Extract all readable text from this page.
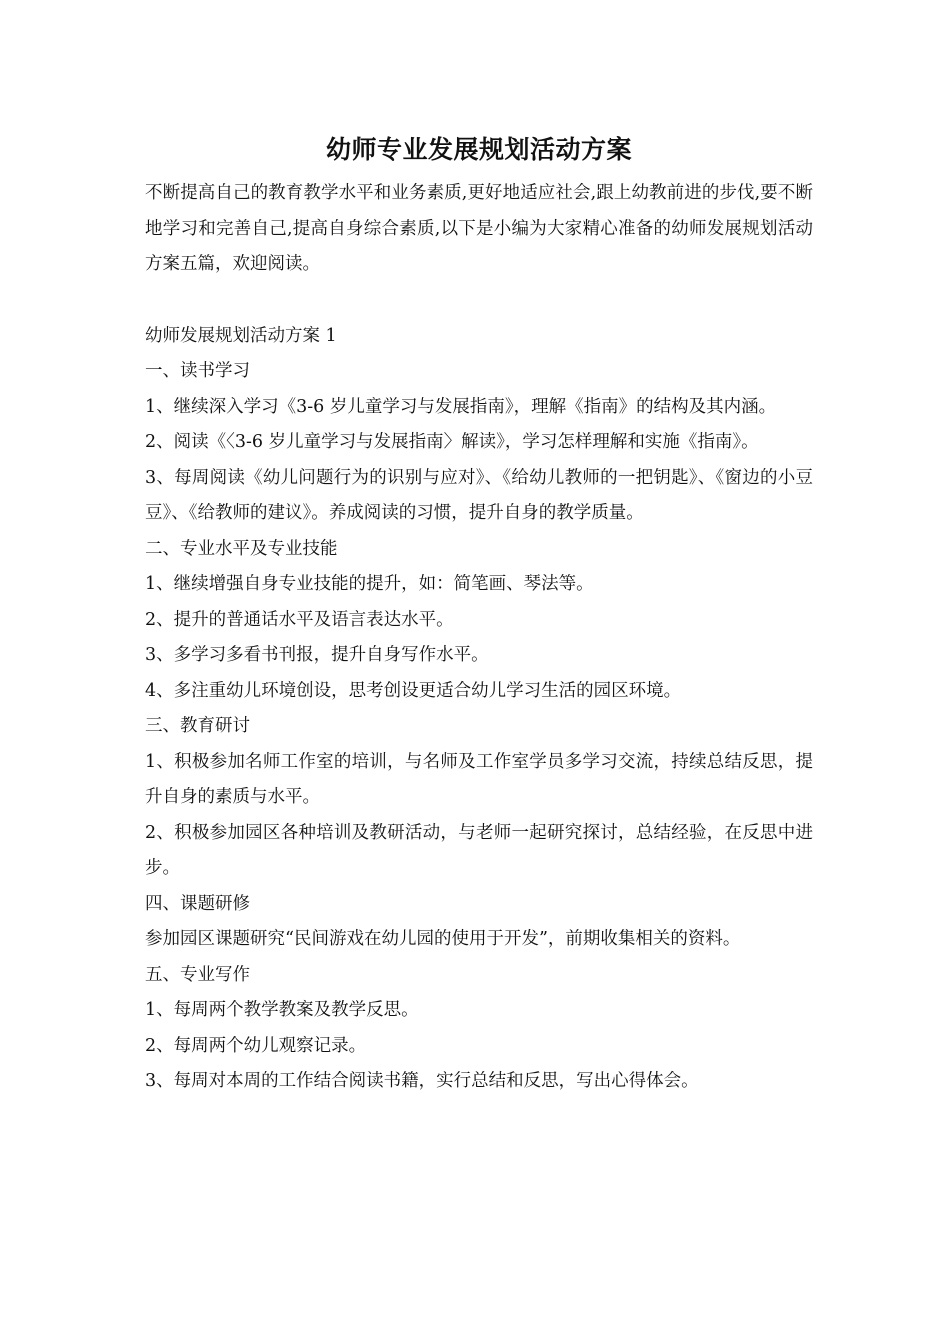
幼师专业发展规划活动方案

不断提高自己的教育教学水平和业务素质,更好地适应社会,跟上幼教前进的步伐,要不断地学习和完善自己,提高自身综合素质,以下是小编为大家精心准备的幼师发展规划活动方案五篇，欢迎阅读。

幼师发展规划活动方案 1

一、读书学习

1、继续深入学习《3-6 岁儿童学习与发展指南》，理解《指南》的结构及其内涵。

2、阅读《〈3-6 岁儿童学习与发展指南〉解读》，学习怎样理解和实施《指南》。

3、每周阅读《幼儿问题行为的识别与应对》、《给幼儿教师的一把钥匙》、《窗边的小豆豆》、《给教师的建议》。养成阅读的习惯，提升自身的教学质量。

二、专业水平及专业技能

1、继续增强自身专业技能的提升，如：简笔画、琴法等。

2、提升的普通话水平及语言表达水平。

3、多学习多看书刊报，提升自身写作水平。

4、多注重幼儿环境创设，思考创设更适合幼儿学习生活的园区环境。

三、教育研讨

1、积极参加名师工作室的培训，与名师及工作室学员多学习交流，持续总结反思，提升自身的素质与水平。

2、积极参加园区各种培训及教研活动，与老师一起研究探讨，总结经验，在反思中进步。

四、课题研修

参加园区课题研究“民间游戏在幼儿园的使用于开发”，前期收集相关的资料。

五、专业写作

1、每周两个教学教案及教学反思。

2、每周两个幼儿观察记录。

3、每周对本周的工作结合阅读书籍，实行总结和反思，写出心得体会。
